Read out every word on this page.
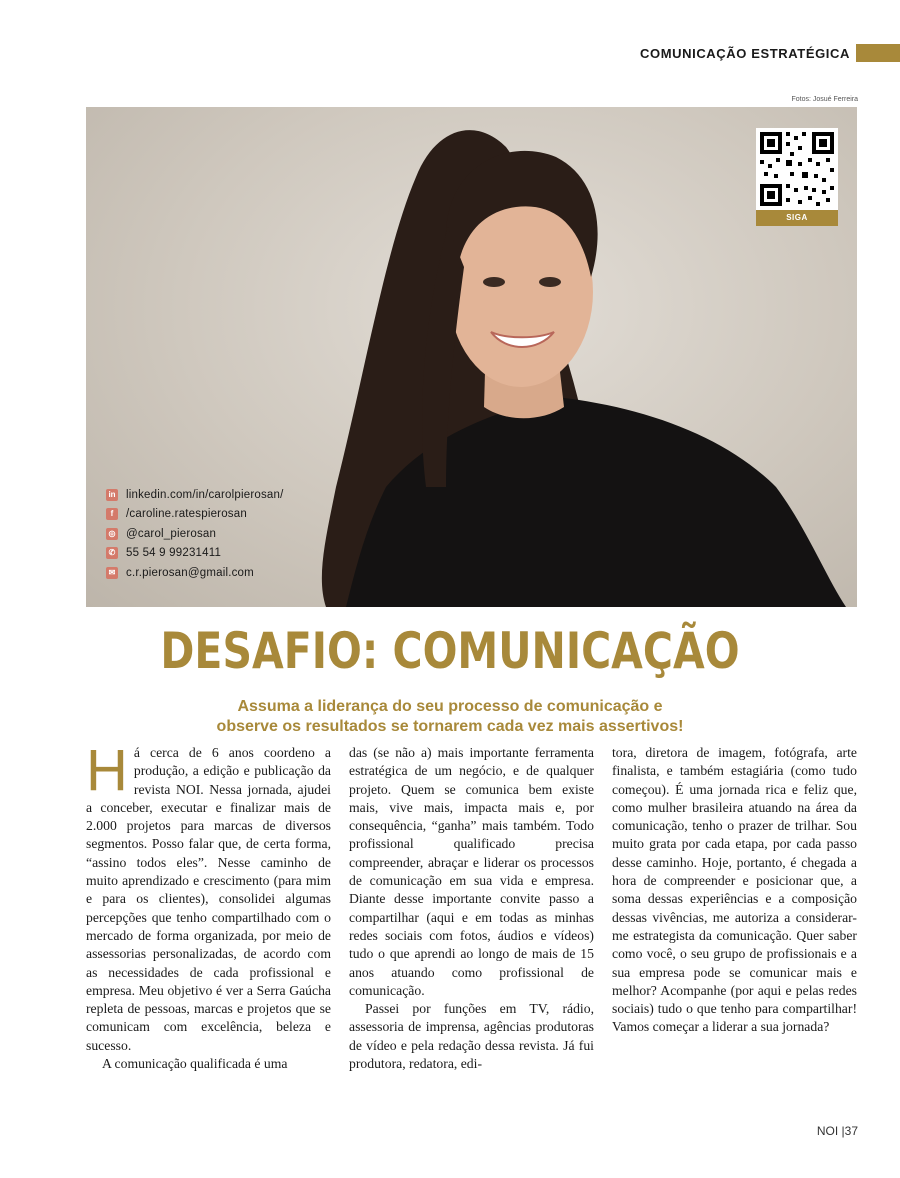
COMUNICAÇÃO ESTRATÉGICA
Fotos: Josué Ferreira
SIGA
in linkedin.com/in/carolpierosan/
f	/caroline.ratespierosan
◎ @carol_pierosan
✆ 55 54 9 99231411
✉ c.r.pierosan@gmail.com
DESAFIO: COMUNICAÇÃO
Assuma a liderança do seu processo de comunicação e observe os resultados se tornarem cada vez mais assertivos!

Há cerca de 6 anos coordeno a produção, a edição e publicação da revista NOI. Nessa jornada, ajudei a conceber, executar e finalizar mais de 2.000 projetos para marcas de diversos segmentos. Posso falar que, de certa forma, “assino todos eles”. Nesse caminho de muito aprendizado e crescimento (para mim e para os clientes), consolidei algumas percepções que tenho compartilhado com o mercado de forma organizada, por meio de assessorias personalizadas, de acordo com as necessidades de cada profissional e empresa. Meu objetivo é ver a Serra Gaúcha repleta de pessoas, marcas e projetos que se comunicam com excelência, beleza e sucesso.

A comunicação qualificada é uma

das (se não a) mais importante ferramenta estratégica de um negócio, e de qualquer projeto. Quem se comunica bem existe mais, vive mais, impacta mais e, por consequência, “ganha” mais também. Todo profissional qualificado precisa compreender, abraçar e liderar os processos de comunicação em sua vida e empresa. Diante desse importante convite passo a compartilhar (aqui e em todas as minhas redes sociais com fotos, áudios e vídeos) tudo o que aprendi ao longo de mais de 15 anos atuando como profissional de comunicação.

Passei por funções em TV, rádio, assessoria de imprensa, agências produtoras de vídeo e pela redação dessa revista. Já fui produtora, redatora, edi-

tora, diretora de imagem, fotógrafa, arte finalista, e também estagiária (como tudo começou). É uma jornada rica e feliz que, como mulher brasileira atuando na área da comunicação, tenho o prazer de trilhar. Sou muito grata por cada etapa, por cada passo desse caminho. Hoje, portanto, é chegada a hora de compreender e posicionar que, a soma dessas experiências e a composição dessas vivências, me autoriza a considerar-me estrategista da comunicação. Quer saber como você, o seu grupo de profissionais e a sua empresa pode se comunicar mais e melhor? Acompanhe (por aqui e pelas redes sociais) tudo o que tenho para compartilhar! Vamos começar a liderar a sua jornada?

NOI |37
